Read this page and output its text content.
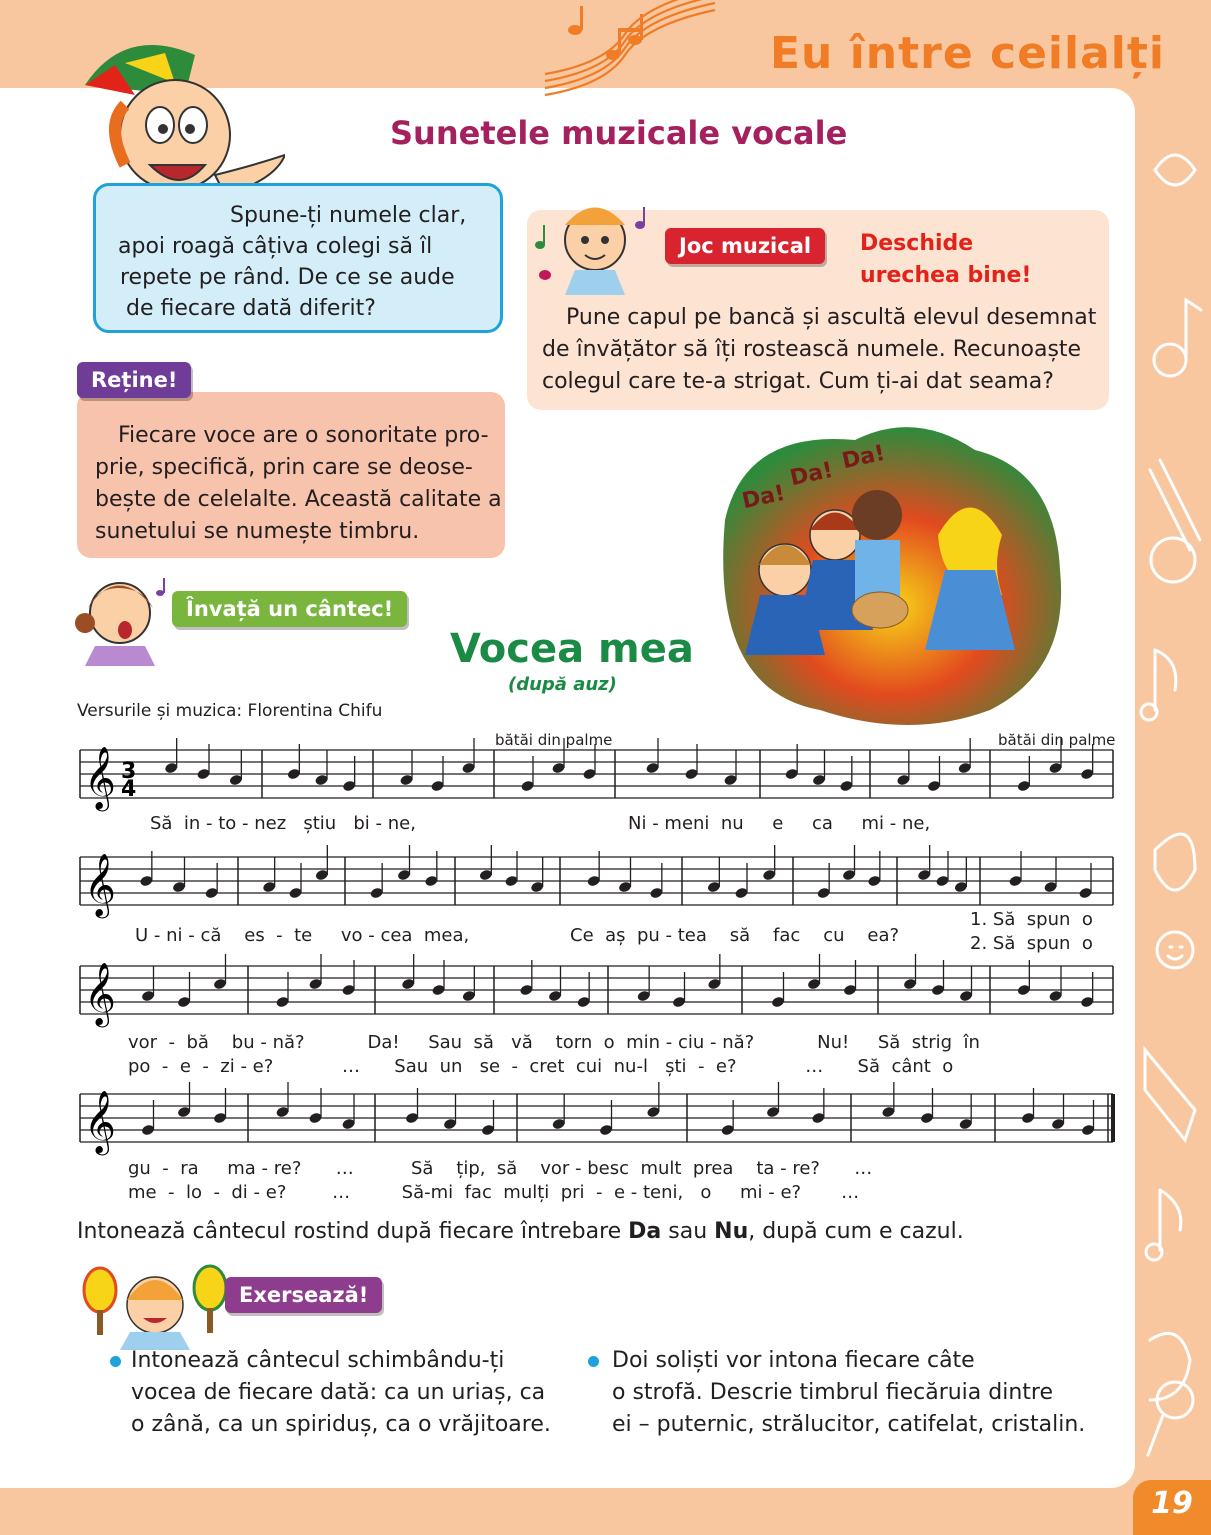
Eu între ceilalți
Sunetele muzicale vocale
Spune-ți numele clar,
apoi roagă câțiva colegi să îl
repete pe rând. De ce se aude
de fiecare dată diferit?
Joc muzical	Deschide
urechea bine!
Pune capul pe bancă și ascultă elevul desemnat
de învățător să îți rostească numele. Recunoaște
colegul care te-a strigat. Cum ți-ai dat seama?
Reține!
Fiecare voce are o sonoritate pro-
prie, specifică, prin care se deose-
bește de celelalte. Această calitate a
sunetului se numește timbru.
Învață un cântec!
Da!
Da!
Da!
Vocea mea
(după auz)
Versurile și muzica: Florentina Chifu
bătăi din palme	bătăi din palme
𝄞
𝄞
𝄞
𝄞
3
4
Să  in - to - nez   știu   bi - ne,	Ni - meni  nu     e     ca     mi - ne,
U - ni - că    es  -  te     vo - cea  mea,	Ce  aș  pu - tea    să    fac    cu    ea?
1. Să  spun  o
2. Să  spun  o
vor  -  bă    bu - nă?           Da!     Sau  să   vă    torn  o  min - ciu - nă?           Nu!     Să  strig  în
po  -  e  -  zi - e?            …      Sau  un   se  -  cret  cui  nu-l   ști  -  e?            …      Să  cânt  o
gu  -  ra     ma - re?      …          Să    țip,  să    vor - besc  mult  prea    ta - re?      …
me  -  lo  -  di - e?        …         Să-mi  fac  mulți  pri  -  e - teni,   o     mi - e?       …
Intonează cântecul rostind după fiecare întrebare Da sau Nu, după cum e cazul.
Exersează!
Intonează cântecul schimbându-ți
vocea de fiecare dată: ca un uriaș, ca
o zână, ca un spiriduș, ca o vrăjitoare.
Doi soliști vor intona fiecare câte
o strofă. Descrie timbrul fiecăruia dintre
ei – puternic, strălucitor, catifelat, cristalin.
19
